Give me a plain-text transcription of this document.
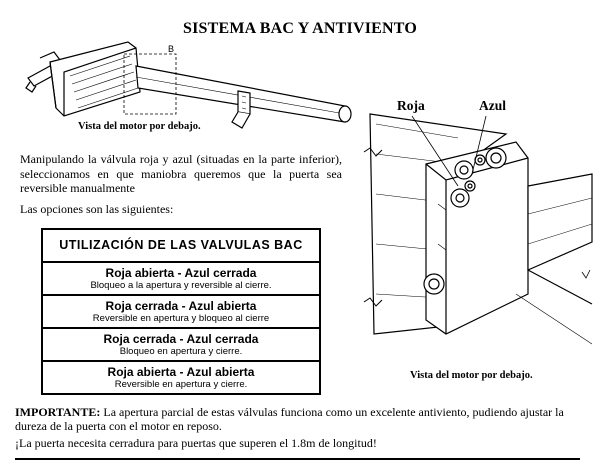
SISTEMA BAC Y ANTIVIENTO
B
Vista del motor por debajo.
Manipulando la válvula roja y azul (situadas en la parte inferior), seleccionamos en que maniobra queremos que la puerta sea reversible manualmente
Las opciones son las siguientes:
UTILIZACIÓN DE LAS VALVULAS BAC

Roja abierta - Azul cerrada
Bloqueo a la apertura y reversible al cierre.

Roja cerrada - Azul abierta
Reversible en apertura y bloqueo al cierre

Roja cerrada - Azul cerrada
Bloqueo en apertura y cierre.

Roja abierta - Azul abierta
Reversible en apertura y cierre.
Roja	Azul
Vista del motor por debajo.
IMPORTANTE: La apertura parcial de estas válvulas funciona como un excelente antiviento, pudiendo ajustar la dureza de la puerta con el motor en reposo.
¡La puerta necesita cerradura para puertas que superen el 1.8m de longitud!
